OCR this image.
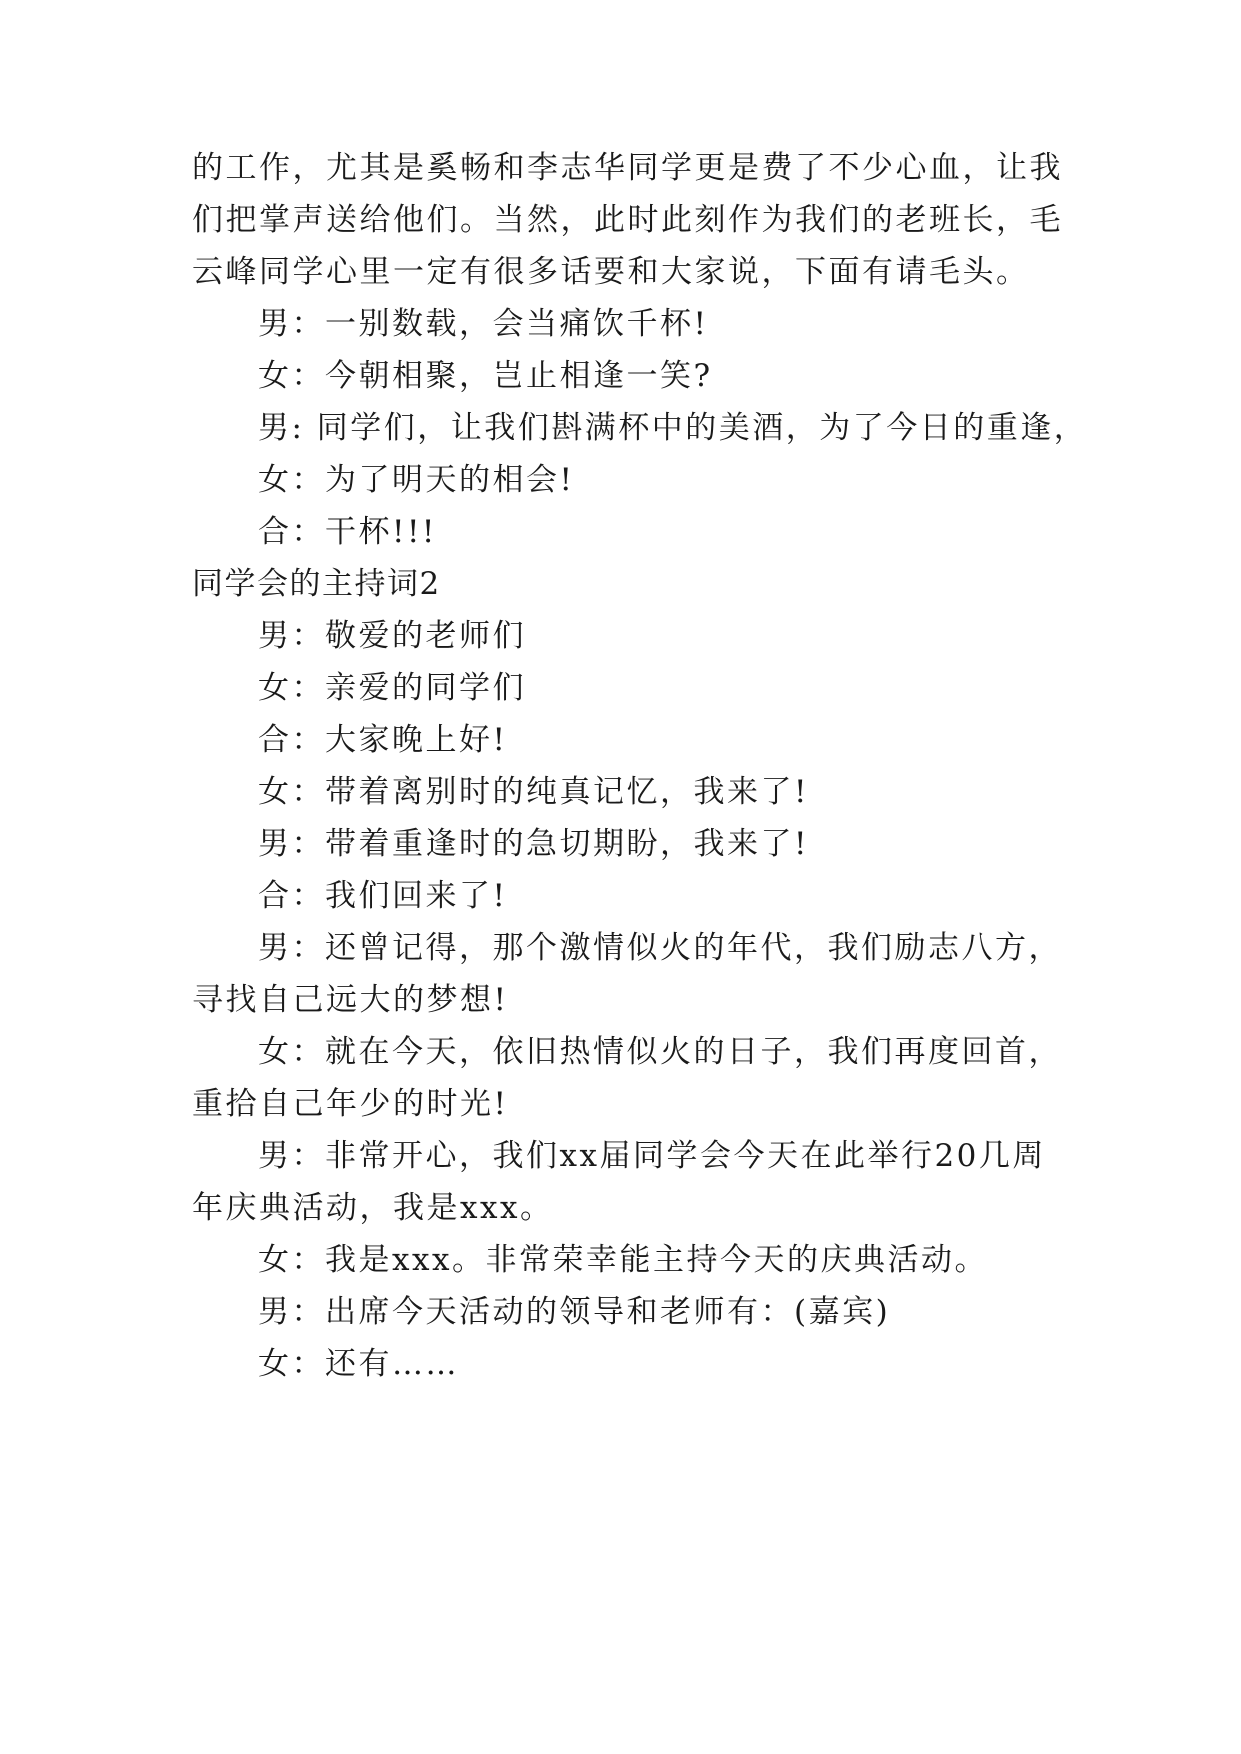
的工作，尤其是奚畅和李志华同学更是费了不少心血，让我
们把掌声送给他们。当然，此时此刻作为我们的老班长，毛
云峰同学心里一定有很多话要和大家说，下面有请毛头。
男：一别数载，会当痛饮千杯!
女：今朝相聚，岂止相逢一笑?
男: 同学们，让我们斟满杯中的美酒，为了今日的重逢，
女：为了明天的相会!
合：干杯!!!
同学会的主持词2
男：敬爱的老师们
女：亲爱的同学们
合：大家晚上好!
女：带着离别时的纯真记忆，我来了!
男：带着重逢时的急切期盼，我来了!
合：我们回来了!
男：还曾记得，那个激情似火的年代，我们励志八方，
寻找自己远大的梦想!
女：就在今天，依旧热情似火的日子，我们再度回首，
重拾自己年少的时光!
男：非常开心，我们xx届同学会今天在此举行20几周
年庆典活动，我是xxx。
女：我是xxx。非常荣幸能主持今天的庆典活动。
男：出席今天活动的领导和老师有：(嘉宾)
女：还有……
